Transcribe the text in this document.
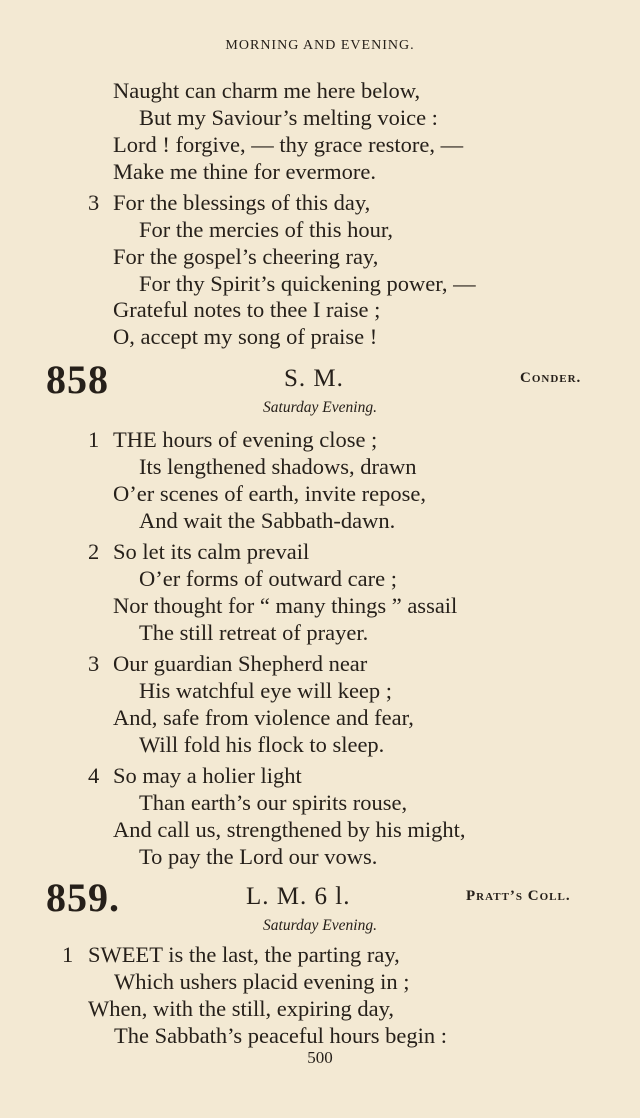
MORNING AND EVENING.
Naught can charm me here below,
But my Saviour’s melting voice :
Lord ! forgive, — thy grace restore, —
Make me thine for evermore.
3 For the blessings of this day,
For the mercies of this hour,
For the gospel’s cheering ray,
For thy Spirit’s quickening power, —
Grateful notes to thee I raise ;
O, accept my song of praise !
858	S. M.	Conder.
Saturday Evening.
1 THE hours of evening close ;
Its lengthened shadows, drawn
O’er scenes of earth, invite repose,
And wait the Sabbath-dawn.
2 So let its calm prevail
O’er forms of outward care ;
Nor thought for “ many things ” assail
The still retreat of prayer.
3 Our guardian Shepherd near
His watchful eye will keep ;
And, safe from violence and fear,
Will fold his flock to sleep.
4 So may a holier light
Than earth’s our spirits rouse,
And call us, strengthened by his might,
To pay the Lord our vows.
859.	L. M. 6 l.	Pratt’s Coll.
Saturday Evening.
1 SWEET is the last, the parting ray,
Which ushers placid evening in ;
When, with the still, expiring day,
The Sabbath’s peaceful hours begin :
500
